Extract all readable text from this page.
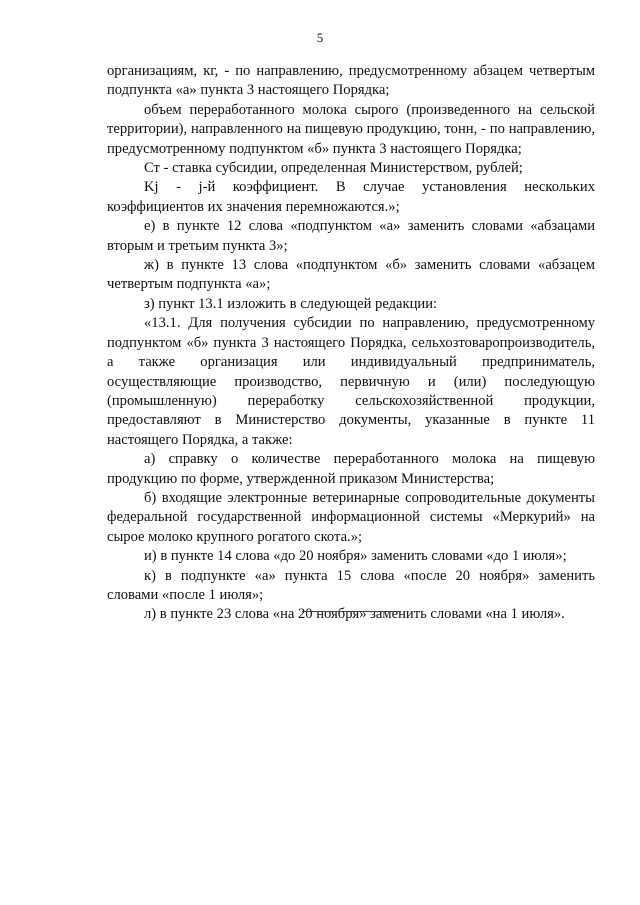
5

организациям, кг, - по направлению, предусмотренному абзацем четвертым подпункта «а» пункта 3 настоящего Порядка;

объем переработанного молока сырого (произведенного на сельской территории), направленного на пищевую продукцию, тонн, - по направлению, предусмотренному подпунктом «б» пункта 3 настоящего Порядка;

Ст - ставка субсидии, определенная Министерством, рублей;

Kj - j-й коэффициент. В случае установления нескольких коэффициентов их значения перемножаются.»;

е) в пункте 12 слова «подпунктом «а» заменить словами «абзацами вторым и третьим пункта 3»;

ж) в пункте 13 слова «подпунктом «б» заменить словами «абзацем четвертым подпункта «а»;

з) пункт 13.1 изложить в следующей редакции:

«13.1. Для получения субсидии по направлению, предусмотренному подпунктом «б» пункта 3 настоящего Порядка, сельхозтоваропроизводитель, а также организация или индивидуальный предприниматель, осуществляющие производство, первичную и (или) последующую (промышленную) переработку сельскохозяйственной продукции, предоставляют в Министерство документы, указанные в пункте 11 настоящего Порядка, а также:

а) справку о количестве переработанного молока на пищевую продукцию по форме, утвержденной приказом Министерства;

б) входящие электронные ветеринарные сопроводительные документы федеральной государственной информационной системы «Меркурий» на сырое молоко крупного рогатого скота.»;

и) в пункте 14 слова «до 20 ноября» заменить словами «до 1 июля»;

к) в подпункте «а» пункта 15 слова «после 20 ноября» заменить словами «после 1 июля»;

л) в пункте 23 слова «на 20 ноября» заменить словами «на 1 июля».
